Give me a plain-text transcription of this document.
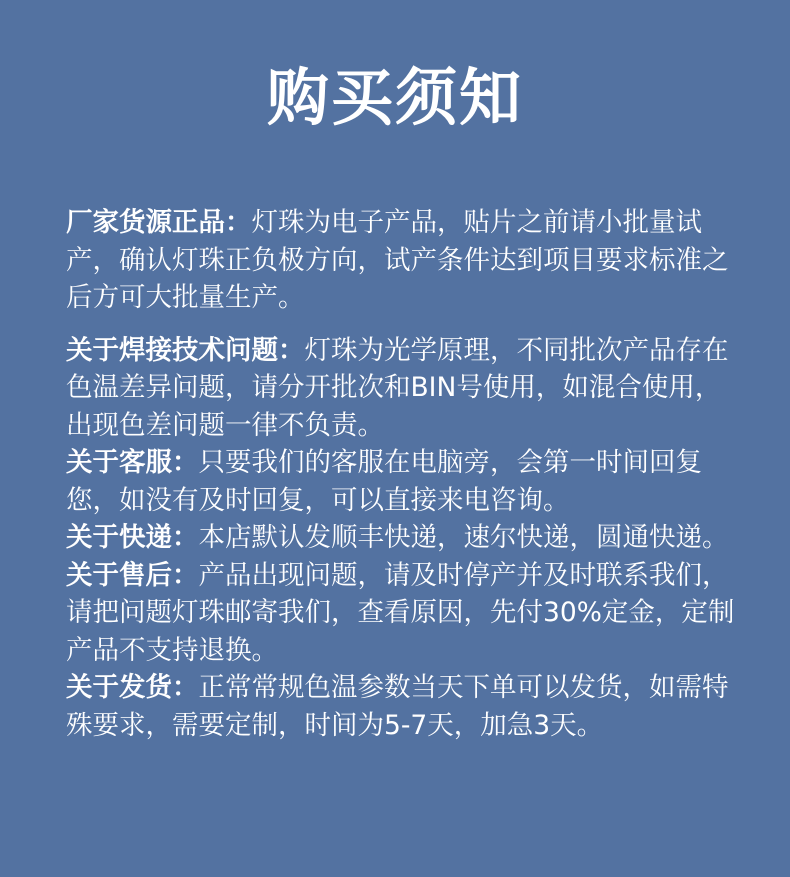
购买须知

厂家货源正品：灯珠为电子产品，贴片之前请小批量试产，确认灯珠正负极方向，试产条件达到项目要求标准之后方可大批量生产。

关于焊接技术问题：灯珠为光学原理，不同批次产品存在色温差异问题，请分开批次和BIN号使用，如混合使用，出现色差问题一律不负责。

关于客服：只要我们的客服在电脑旁，会第一时间回复您，如没有及时回复，可以直接来电咨询。

关于快递：本店默认发顺丰快递，速尔快递，圆通快递。

关于售后：产品出现问题，请及时停产并及时联系我们，请把问题灯珠邮寄我们，查看原因，先付30%定金，定制产品不支持退换。

关于发货：正常常规色温参数当天下单可以发货，如需特殊要求，需要定制，时间为5-7天，加急3天。
